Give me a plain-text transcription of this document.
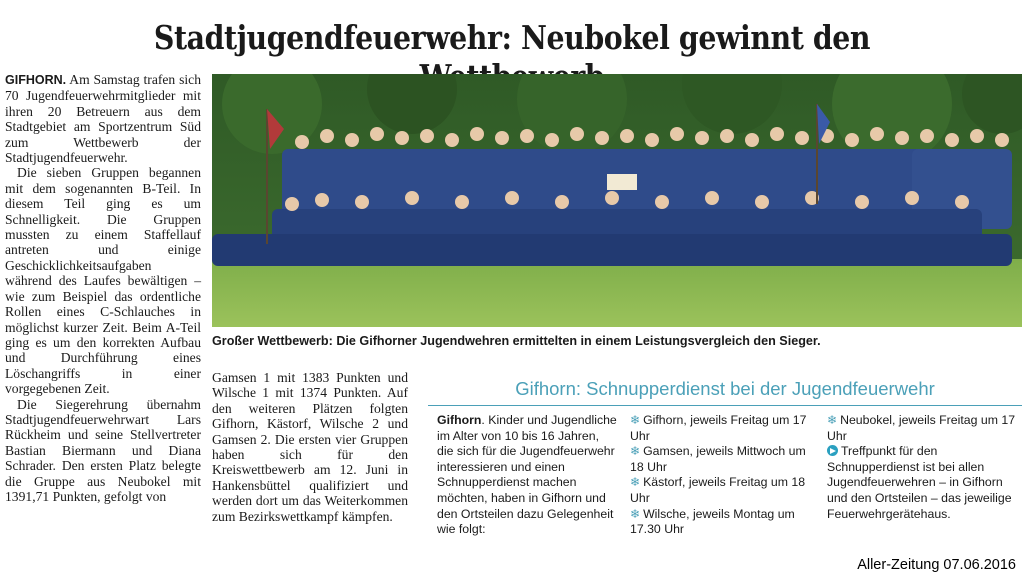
Stadtjugendfeuerwehr: Neubokel gewinnt den

GIFHORN. Am Samstag trafen sich 70 Jugendfeuerwehrmitglieder mit ihren 20 Betreuern aus dem Stadtgebiet am Sportzentrum Süd zum Wettbewerb der Stadtjugendfeuerwehr.

Die sieben Gruppen begannen mit dem sogenannten B-Teil. In diesem Teil ging es um Schnelligkeit. Die Gruppen mussten zu einem Staffellauf antreten und einige Geschicklichkeitsaufgaben während des Laufes bewältigen – wie zum Beispiel das ordentliche Rollen eines C-Schlauches in möglichst kurzer Zeit. Beim A-Teil ging es um den korrekten Aufbau und Durchführung eines Löschangriffs in einer vorgegebenen Zeit.

Die Siegerehrung übernahm Stadtjugendfeuerwehrwart Lars Rückheim und seine Stellvertreter Bastian Biermann und Diana Schrader. Den ersten Platz belegte die Gruppe aus Neubokel mit 1391,71 Punkten, gefolgt von

Großer Wettbewerb: Die Gifhorner Jugendwehren ermittelten in einem Leistungsvergleich den Sieger.

Gamsen 1 mit 1383 Punkten und Wilsche 1 mit 1374 Punkten. Auf den weiteren Plätzen folgten Gifhorn, Kästorf, Wilsche 2 und Gamsen 2. Die ersten vier Gruppen haben sich für den Kreiswettbewerb am 12. Juni in Hankensbüttel qualifiziert und werden dort um das Weiterkommen zum Bezirkswettkampf kämpfen.

Gifhorn: Schnupperdienst bei der Jugendfeuerwehr
Gifhorn. Kinder und Jugendliche im Alter von 10 bis 16 Jahren, die sich für die Jugendfeuerwehr interessieren und einen Schnupperdienst machen möchten, haben in Gifhorn und den Ortsteilen dazu Gelegenheit wie folgt:
❄ Gifhorn, jeweils Freitag um 17 Uhr
❄ Gamsen, jeweils Mittwoch um 18 Uhr
❄ Kästorf, jeweils Freitag um 18 Uhr
❄ Wilsche, jeweils Montag um 17.30 Uhr
❄ Neubokel, jeweils Freitag um 17 Uhr
Treffpunkt für den Schnupperdienst ist bei allen Jugendfeuerwehren – in Gifhorn und den Ortsteilen – das jeweilige Feuerwehrgerätehaus.
Aller-Zeitung 07.06.2016
